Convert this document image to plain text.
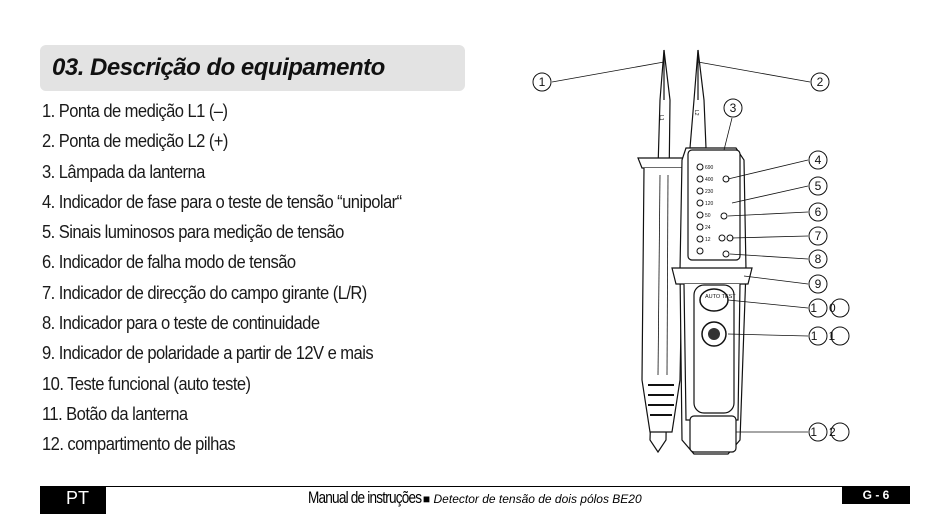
03. Descrição do equipamento
1. Ponta de medição L1 (–)
2. Ponta de medição L2 (+)
3. Lâmpada da lanterna
4. Indicador de fase para o teste de tensão “unipolar“
5. Sinais luminosos para medição de tensão
6. Indicador de falha modo de tensão
7. Indicador de direcção do campo girante (L/R)
8. Indicador para o teste de continuidade
9. Indicador de polaridade a partir de 12V e mais
10. Teste funcional (auto teste)
11. Botão da lanterna
12. compartimento de pilhas
690
400
230
120
50
24
12
L1
L2
AUTO TEST
1	2
3
4
5
6
7
8
9
10
11
12
PT	Manual de instruções ■ Detector de tensão de dois pólos BE20	G - 6
